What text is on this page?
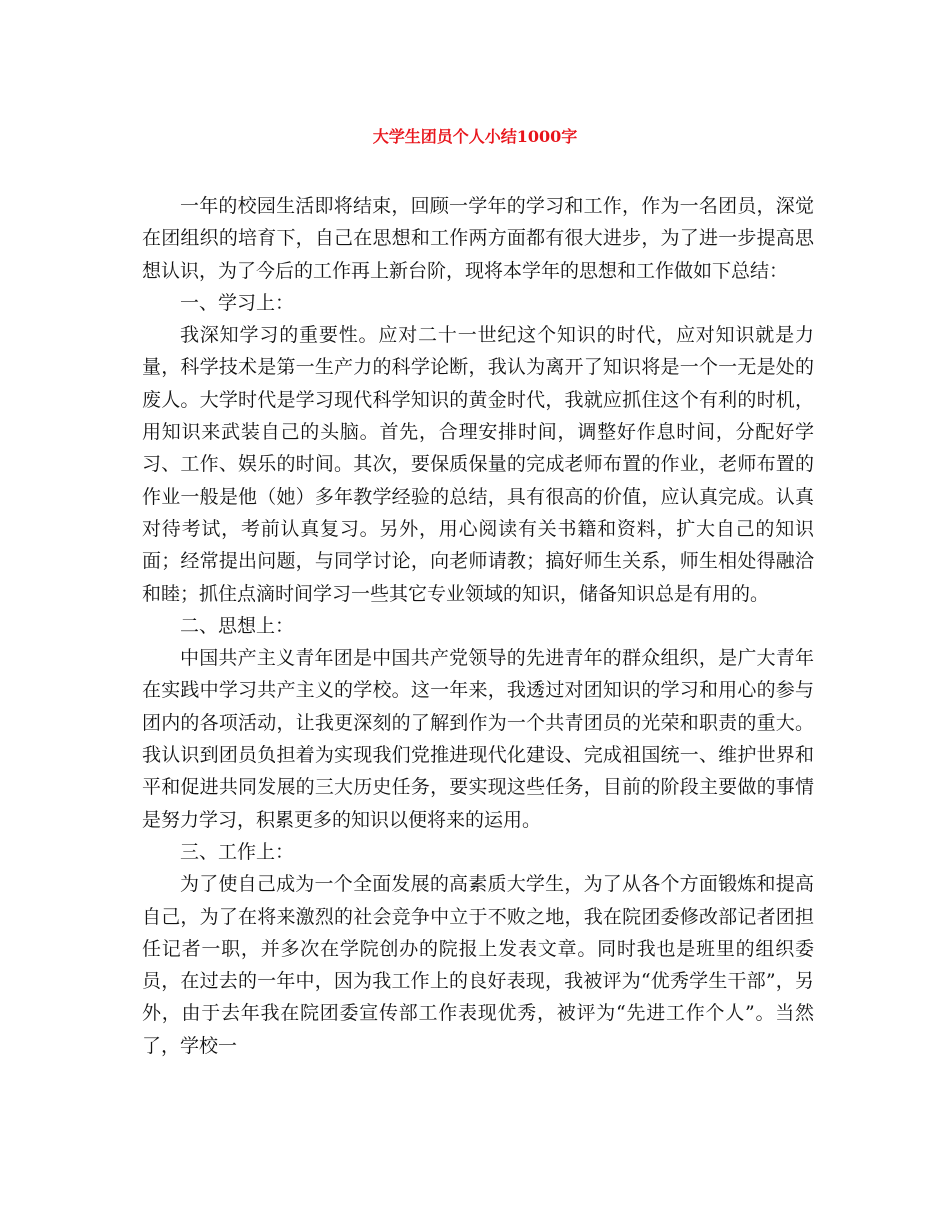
大学生团员个人小结1000字

一年的校园生活即将结束，回顾一学年的学习和工作，作为一名团员，深觉在团组织的培育下，自己在思想和工作两方面都有很大进步，为了进一步提高思想认识，为了今后的工作再上新台阶，现将本学年的思想和工作做如下总结：

一、学习上：

我深知学习的重要性。应对二十一世纪这个知识的时代，应对知识就是力量，科学技术是第一生产力的科学论断，我认为离开了知识将是一个一无是处的废人。大学时代是学习现代科学知识的黄金时代，我就应抓住这个有利的时机，用知识来武装自己的头脑。首先，合理安排时间，调整好作息时间，分配好学习、工作、娱乐的时间。其次，要保质保量的完成老师布置的作业，老师布置的作业一般是他（她）多年教学经验的总结，具有很高的价值，应认真完成。认真对待考试，考前认真复习。另外，用心阅读有关书籍和资料，扩大自己的知识面；经常提出问题，与同学讨论，向老师请教；搞好师生关系，师生相处得融洽和睦；抓住点滴时间学习一些其它专业领域的知识，储备知识总是有用的。

二、思想上：

中国共产主义青年团是中国共产党领导的先进青年的群众组织，是广大青年在实践中学习共产主义的学校。这一年来，我透过对团知识的学习和用心的参与团内的各项活动，让我更深刻的了解到作为一个共青团员的光荣和职责的重大。我认识到团员负担着为实现我们党推进现代化建设、完成祖国统一、维护世界和平和促进共同发展的三大历史任务，要实现这些任务，目前的阶段主要做的事情是努力学习，积累更多的知识以便将来的运用。

三、工作上：

为了使自己成为一个全面发展的高素质大学生，为了从各个方面锻炼和提高自己，为了在将来激烈的社会竞争中立于不败之地，我在院团委修改部记者团担任记者一职，并多次在学院创办的院报上发表文章。同时我也是班里的组织委员，在过去的一年中，因为我工作上的良好表现，我被评为“优秀学生干部”，另外，由于去年我在院团委宣传部工作表现优秀，被评为“先进工作个人”。当然了，学校一
